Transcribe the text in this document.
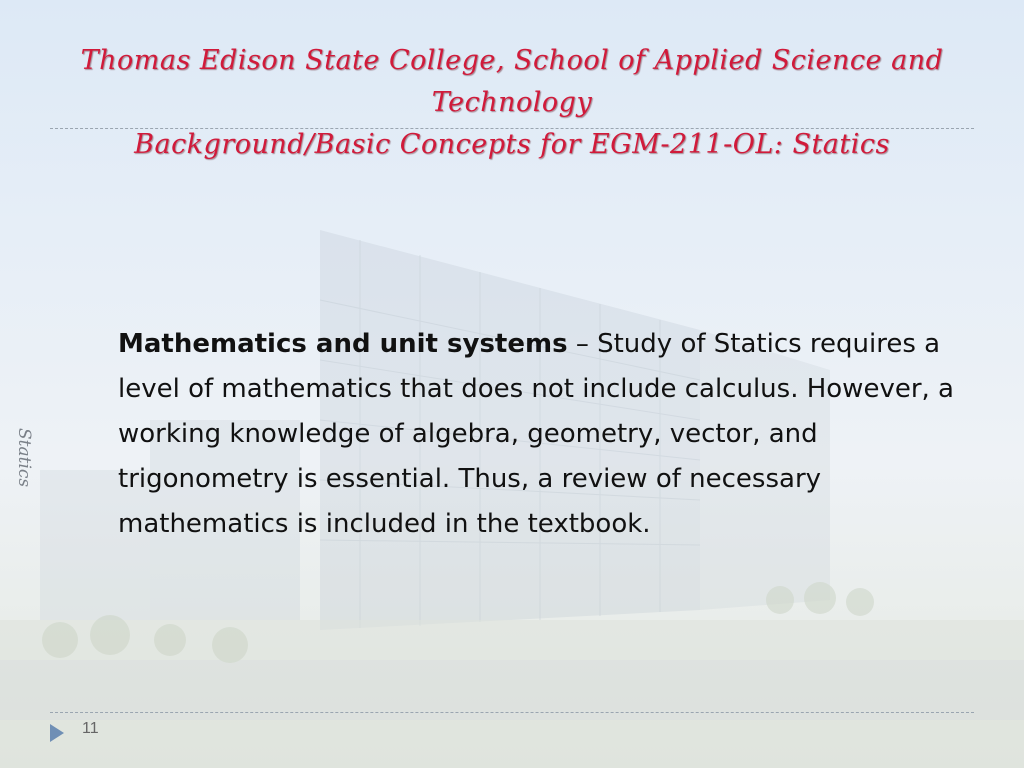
Thomas Edison State College, School of Applied Science and Technology
Background/Basic Concepts for EGM-211-OL: Statics
Statics
Mathematics and unit systems – Study of Statics requires a level of mathematics that does not include calculus. However, a working knowledge of algebra, geometry, vector, and trigonometry is essential. Thus, a review of necessary mathematics is included in the textbook.
11
